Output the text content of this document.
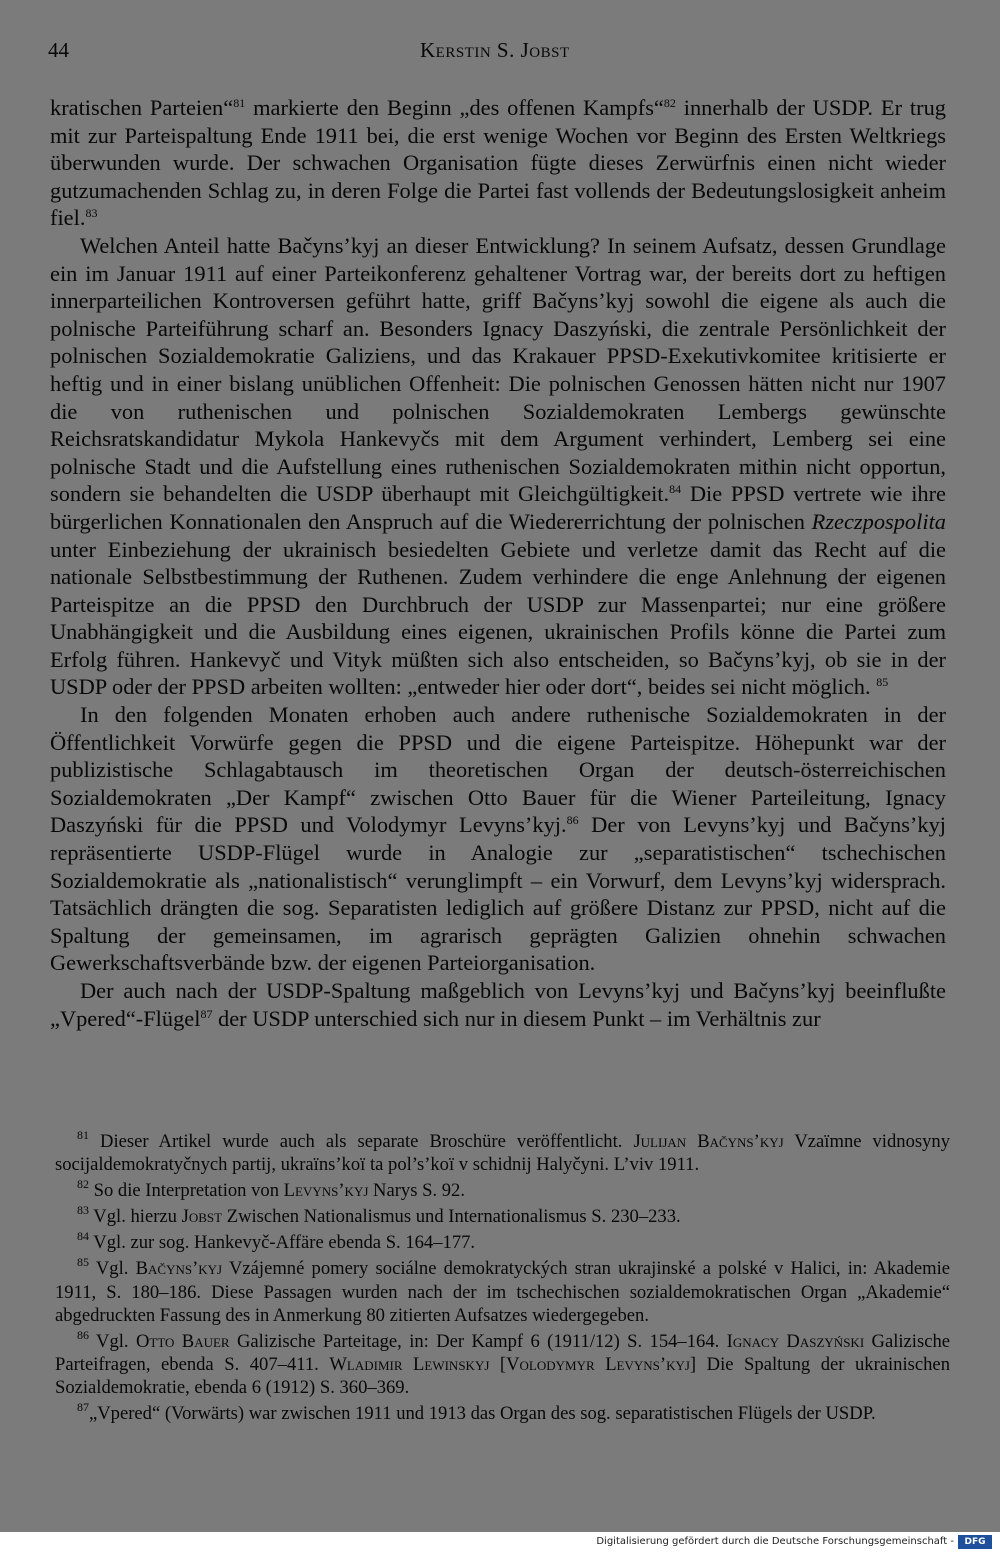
44	Kerstin S. Jobst

kratischen Parteien“$^{81}$ markierte den Beginn „des offenen Kampfs“$^{82}$ innerhalb der USDP. Er trug mit zur Parteispaltung Ende 1911 bei, die erst wenige Wochen vor Beginn des Ersten Weltkriegs überwunden wurde. Der schwachen Organisation fügte dieses Zerwürfnis einen nicht wieder gutzumachenden Schlag zu, in deren Folge die Partei fast vollends der Bedeutungslosigkeit anheim fiel.$^{83}$

Welchen Anteil hatte Bačyns’kyj an dieser Entwicklung? In seinem Aufsatz, dessen Grundlage ein im Januar 1911 auf einer Parteikonferenz gehaltener Vortrag war, der bereits dort zu heftigen innerparteilichen Kontroversen geführt hatte, griff Bačyns’kyj sowohl die eigene als auch die polnische Parteiführung scharf an. Besonders Ignacy Daszyński, die zentrale Persönlichkeit der polnischen Sozialdemokratie Galiziens, und das Krakauer PPSD-Exekutivkomitee kritisierte er heftig und in einer bislang unüblichen Offenheit: Die polnischen Genossen hätten nicht nur 1907 die von ruthenischen und polnischen Sozialdemokraten Lembergs gewünschte Reichsratskandidatur Mykola Hankevyčs mit dem Argument verhindert, Lemberg sei eine polnische Stadt und die Aufstellung eines ruthenischen Sozialdemokraten mithin nicht opportun, sondern sie behandelten die USDP überhaupt mit Gleichgültigkeit.$^{84}$ Die PPSD vertrete wie ihre bürgerlichen Konnationalen den Anspruch auf die Wiedererrichtung der polnischen Rzeczpospolita unter Einbeziehung der ukrainisch besiedelten Gebiete und verletze damit das Recht auf die nationale Selbstbestimmung der Ruthenen. Zudem verhindere die enge Anlehnung der eigenen Parteispitze an die PPSD den Durchbruch der USDP zur Massenpartei; nur eine größere Unabhängigkeit und die Ausbildung eines eigenen, ukrainischen Profils könne die Partei zum Erfolg führen. Hankevyč und Vityk müßten sich also entscheiden, so Bačyns’kyj, ob sie in der USDP oder der PPSD arbeiten wollten: „entweder hier oder dort“, beides sei nicht möglich. $^{85}$

In den folgenden Monaten erhoben auch andere ruthenische Sozialdemokraten in der Öffentlichkeit Vorwürfe gegen die PPSD und die eigene Parteispitze. Höhepunkt war der publizistische Schlagabtausch im theoretischen Organ der deutsch-österreichischen Sozialdemokraten „Der Kampf“ zwischen Otto Bauer für die Wiener Parteileitung, Ignacy Daszyński für die PPSD und Volodymyr Levyns’kyj.$^{86}$ Der von Levyns’kyj und Bačyns’kyj repräsentierte USDP-Flügel wurde in Analogie zur „separatistischen“ tschechischen Sozialdemokratie als „nationalistisch“ verunglimpft – ein Vorwurf, dem Levyns’kyj widersprach. Tatsächlich drängten die sog. Separatisten lediglich auf größere Distanz zur PPSD, nicht auf die Spaltung der gemeinsamen, im agrarisch geprägten Galizien ohnehin schwachen Gewerkschaftsverbände bzw. der eigenen Parteiorganisation.

Der auch nach der USDP-Spaltung maßgeblich von Levyns’kyj und Bačyns’kyj beeinflußte „Vpered“-Flügel$^{87}$ der USDP unterschied sich nur in diesem Punkt – im Verhältnis zur

$^{81}$ Dieser Artikel wurde auch als separate Broschüre veröffentlicht. Julijan Bačyns’kyj Vzaïmne vidnosyny socijaldemokratyčnych partij, ukraïns’koï ta pol’s’koï v schidnij Halyčyni. L’viv 1911.

$^{82}$ So die Interpretation von Levyns’kyj Narys S. 92.

$^{83}$ Vgl. hierzu Jobst Zwischen Nationalismus und Internationalismus S. 230–233.

$^{84}$ Vgl. zur sog. Hankevyč-Affäre ebenda S. 164–177.

$^{85}$ Vgl. Bačyns’kyj Vzájemné pomery sociálne demokratyckých stran ukrajinské a polské v Halici, in: Akademie 1911, S. 180–186. Diese Passagen wurden nach der im tschechischen sozialdemokratischen Organ „Akademie“ abgedruckten Fassung des in Anmerkung 80 zitierten Aufsatzes wiedergegeben.

$^{86}$ Vgl. Otto Bauer Galizische Parteitage, in: Der Kampf 6 (1911/12) S. 154–164. Ignacy Daszyński Galizische Parteifragen, ebenda S. 407–411. Wladimir Lewinskyj [Volodymyr Levyns’kyj] Die Spaltung der ukrainischen Sozialdemokratie, ebenda 6 (1912) S. 360–369.

$^{87}$„Vpered“ (Vorwärts) war zwischen 1911 und 1913 das Organ des sog. separatistischen Flügels der USDP.

Digitalisierung gefördert durch die Deutsche Forschungsgemeinschaft -	DFG
